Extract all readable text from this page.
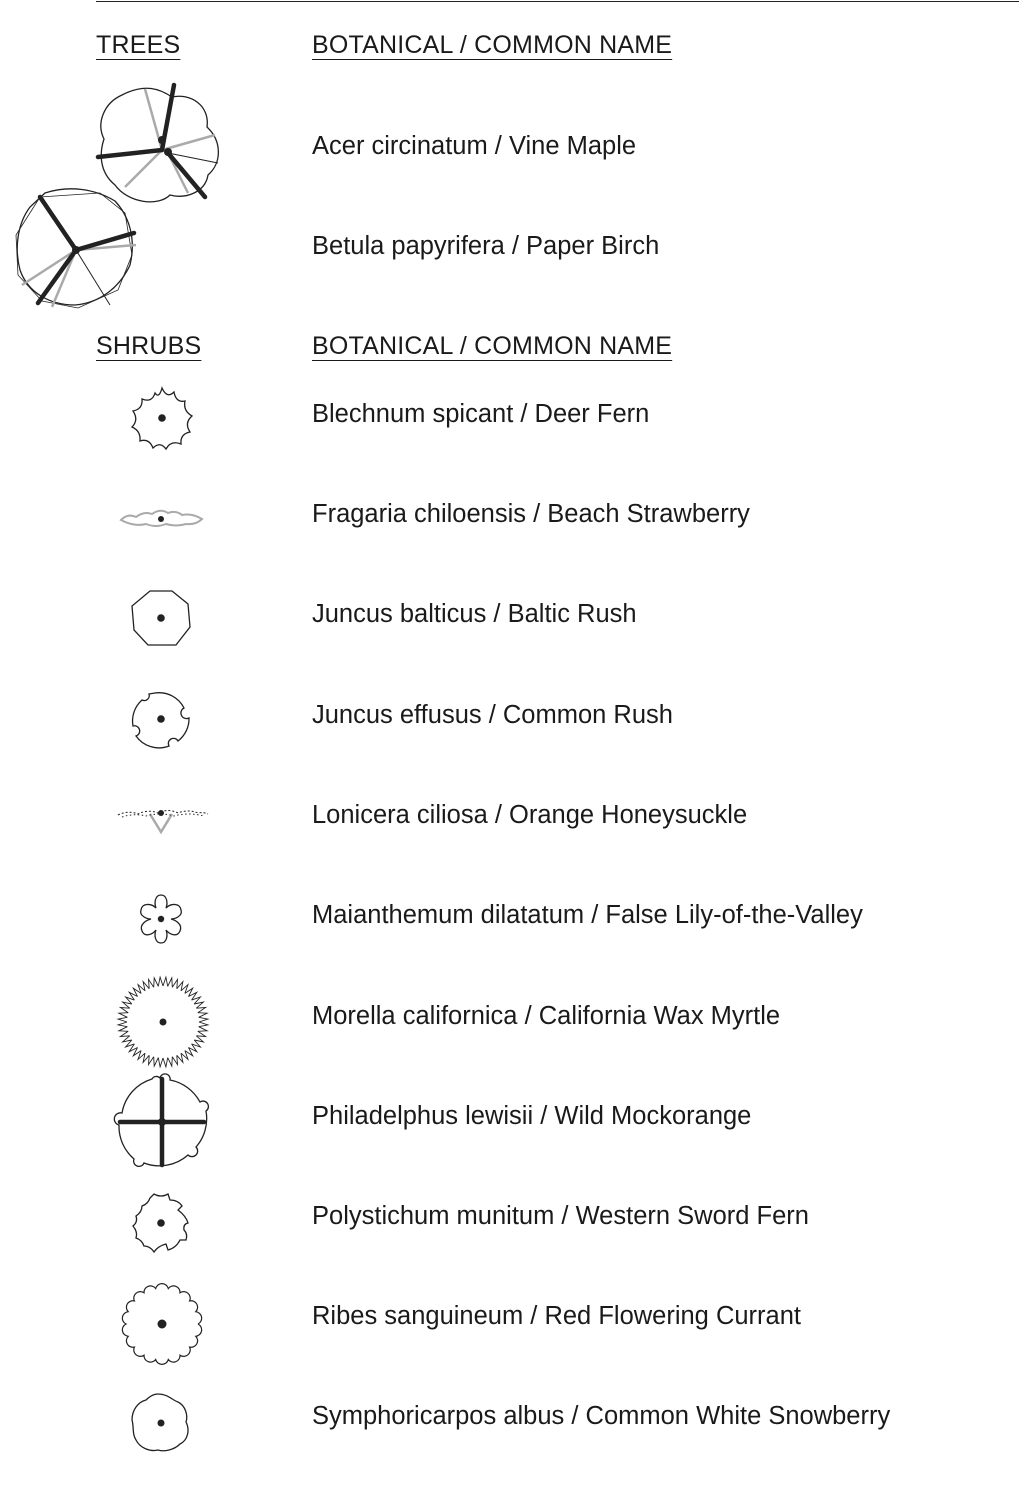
TREES	BOTANICAL / COMMON NAME
Acer circinatum / Vine Maple
Betula papyrifera / Paper Birch
SHRUBS	BOTANICAL / COMMON NAME
Blechnum spicant / Deer Fern
Fragaria chiloensis / Beach Strawberry
Juncus balticus / Baltic Rush
Juncus effusus / Common Rush
Lonicera ciliosa / Orange Honeysuckle
Maianthemum dilatatum / False Lily-of-the-Valley
Morella californica / California Wax Myrtle
Philadelphus lewisii / Wild Mockorange
Polystichum munitum / Western Sword Fern
Ribes sanguineum / Red Flowering Currant
Symphoricarpos albus / Common White Snowberry
